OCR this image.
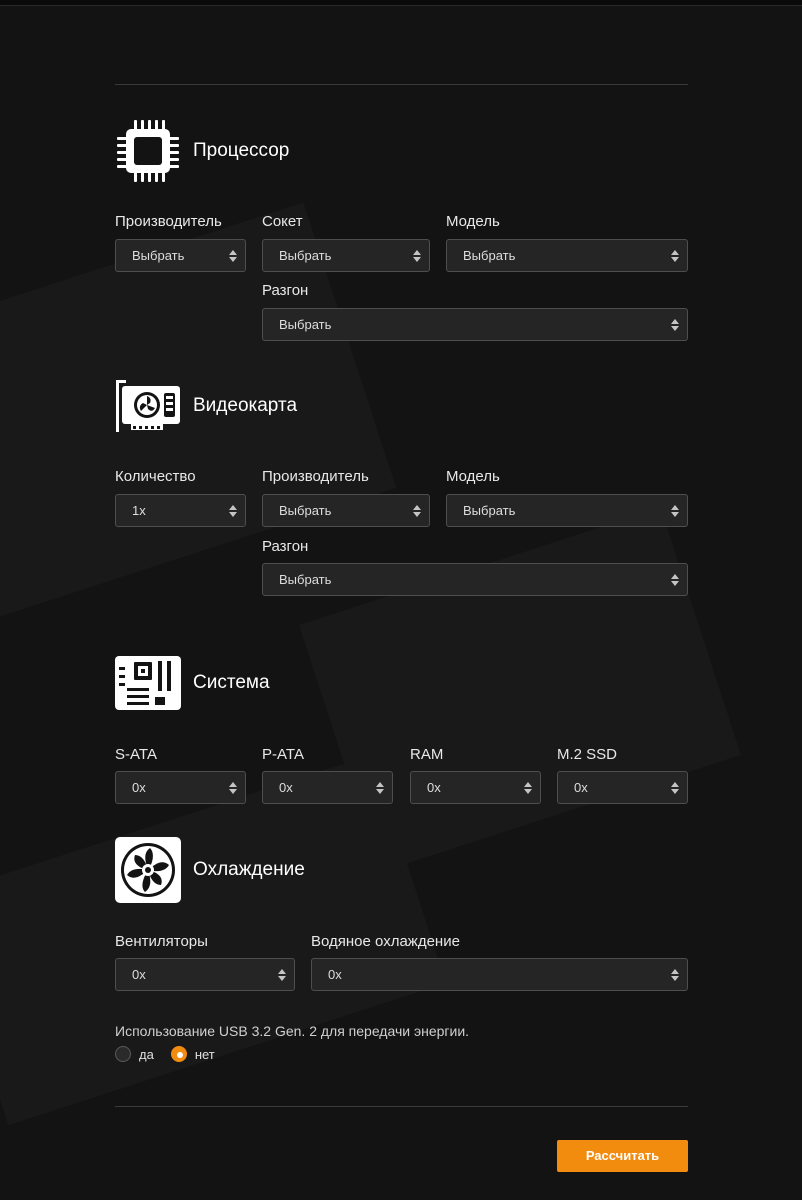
Процессор
Производитель	Сокет	Модель
Выбрать	Выбрать	Выбрать
Разгон
Выбрать
Видеокарта
Количество	Производитель	Модель
1x	Выбрать	Выбрать
Разгон
Выбрать
Система
S-ATA	P-ATA	RAM	M.2 SSD
0x	0x	0x	0x
Охлаждение
Вентиляторы	Водяное охлаждение
0x	0x
Использование USB 3.2 Gen. 2 для передачи энергии.
да	нет
Рассчитать
